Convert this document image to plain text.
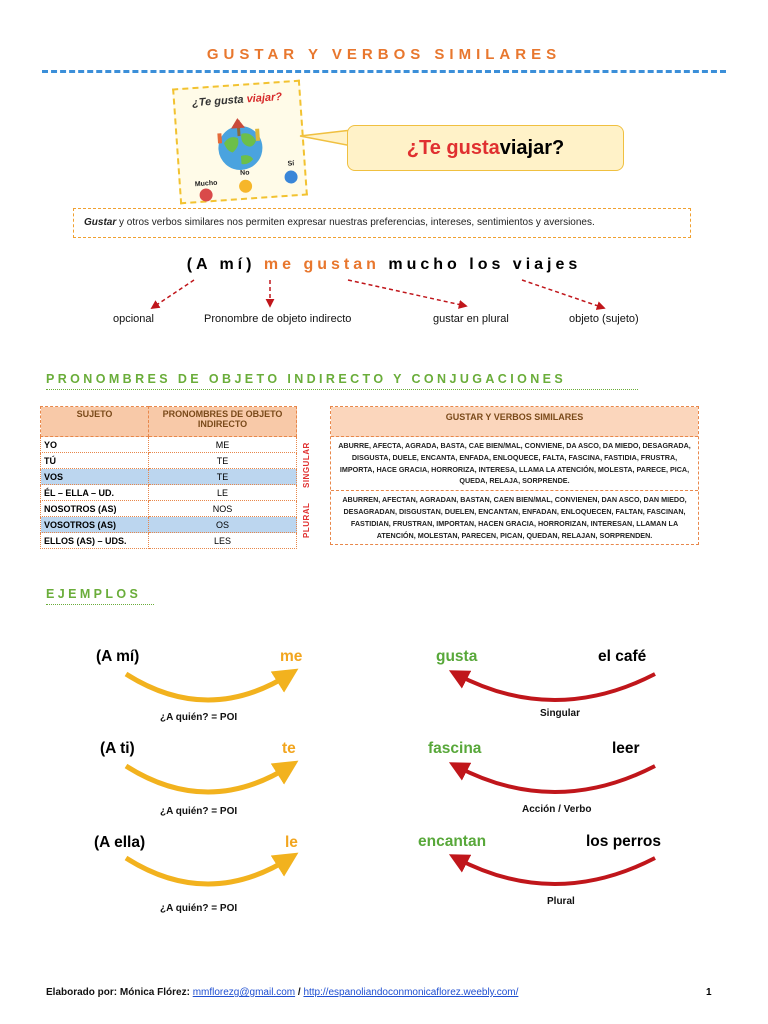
GUSTAR Y VERBOS SIMILARES
¿Te gusta viajar?
Mucho
No
Sí
¿Te gusta viajar?
Gustar y otros verbos similares nos permiten expresar nuestras preferencias, intereses, sentimientos y aversiones.
(A mí) me gustan mucho los viajes
opcional	Pronombre de objeto indirecto	gustar en plural	objeto (sujeto)
PRONOMBRES DE OBJETO INDIRECTO Y CONJUGACIONES
SUJETO	PRONOMBRES DE OBJETO INDIRECTO
YO	ME
TÚ	TE
VOS	TE
ÉL – ELLA – UD.	LE
NOSOTROS (AS)	NOS
VOSOTROS (AS)	OS
ELLOS (AS) – UDS.	LES
SINGULAR
PLURAL
GUSTAR Y VERBOS SIMILARES
ABURRE, AFECTA, AGRADA, BASTA, CAE BIEN/MAL, CONVIENE, DA ASCO, DA MIEDO, DESAGRADA, DISGUSTA, DUELE, ENCANTA, ENFADA, ENLOQUECE, FALTA, FASCINA, FASTIDIA, FRUSTRA, IMPORTA, HACE GRACIA, HORRORIZA, INTERESA, LLAMA LA ATENCIÓN, MOLESTA, PARECE, PICA, QUEDA, RELAJA, SORPRENDE.
ABURREN, AFECTAN, AGRADAN, BASTAN, CAEN BIEN/MAL, CONVIENEN, DAN ASCO, DAN MIEDO, DESAGRADAN, DISGUSTAN, DUELEN, ENCANTAN, ENFADAN, ENLOQUECEN, FALTAN, FASCINAN, FASTIDIAN, FRUSTRAN, IMPORTAN, HACEN GRACIA, HORRORIZAN, INTERESAN, LLAMAN LA ATENCIÓN, MOLESTAN, PARECEN, PICAN, QUEDAN, RELAJAN, SORPRENDEN.
EJEMPLOS
(A mí)	me
¿A quién? = POI
(A ti)	te
¿A quién? = POI
(A ella)	le
¿A quién? = POI
gusta	el café
Singular
fascina	leer
Acción / Verbo
encantan	los perros
Plural
Elaborado por: Mónica Flórez: mmflorezg@gmail.com / http://espanoliandoconmonicaflorez.weebly.com/	1
